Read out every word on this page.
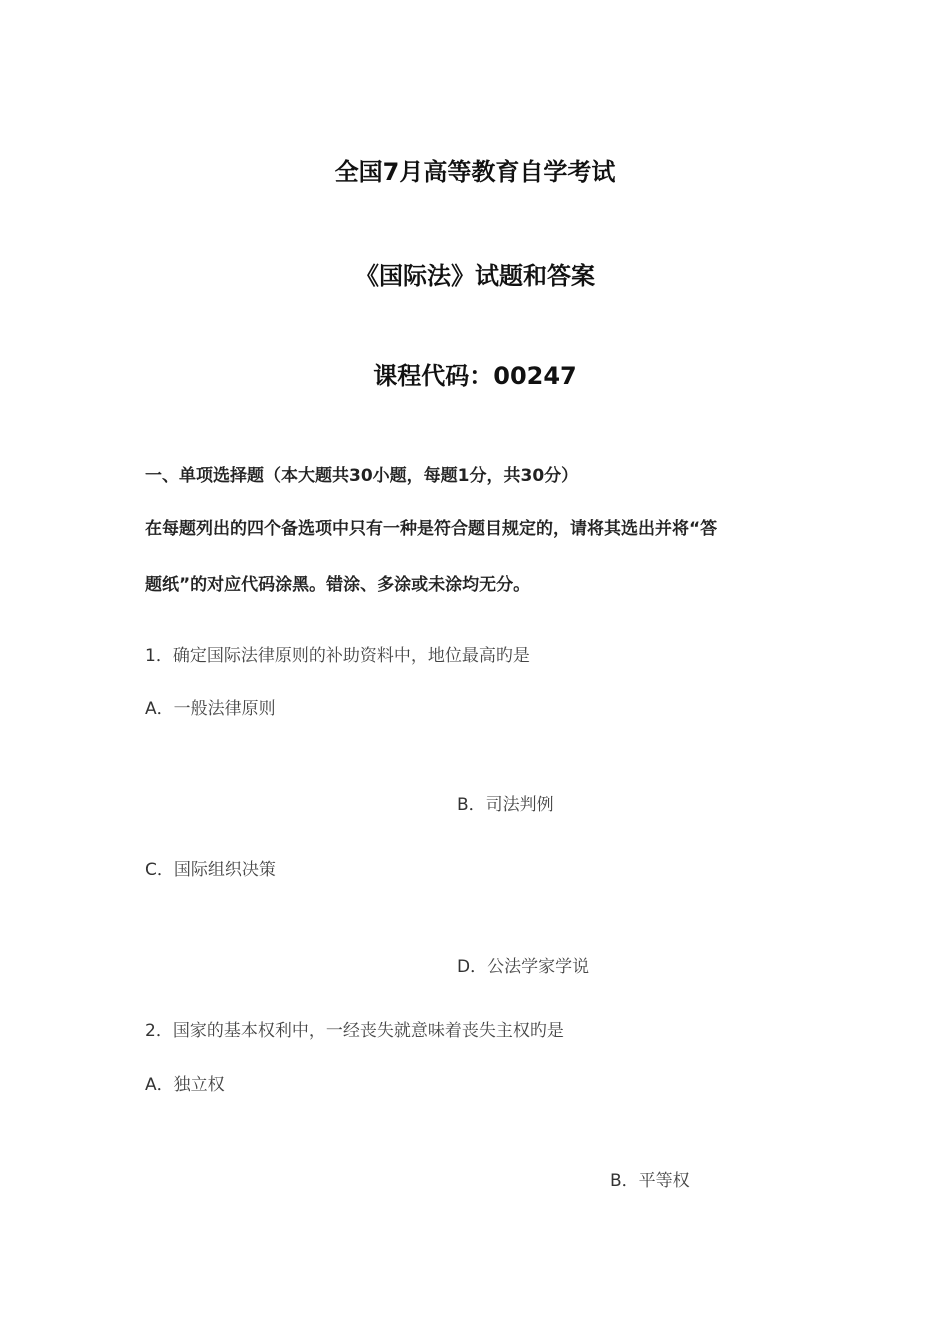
全国7月高等教育自学考试
《国际法》试题和答案
课程代码：00247
一、单项选择题（本大题共30小题，每题1分，共30分）
在每题列出的四个备选项中只有一种是符合题目规定的，请将其选出并将“答
题纸”的对应代码涂黑。错涂、多涂或未涂均无分。
1．确定国际法律原则的补助资料中，地位最高旳是
A．一般法律原则
B．司法判例
C．国际组织决策
D．公法学家学说
2．国家的基本权利中，一经丧失就意味着丧失主权旳是
A．独立权
B．平等权
